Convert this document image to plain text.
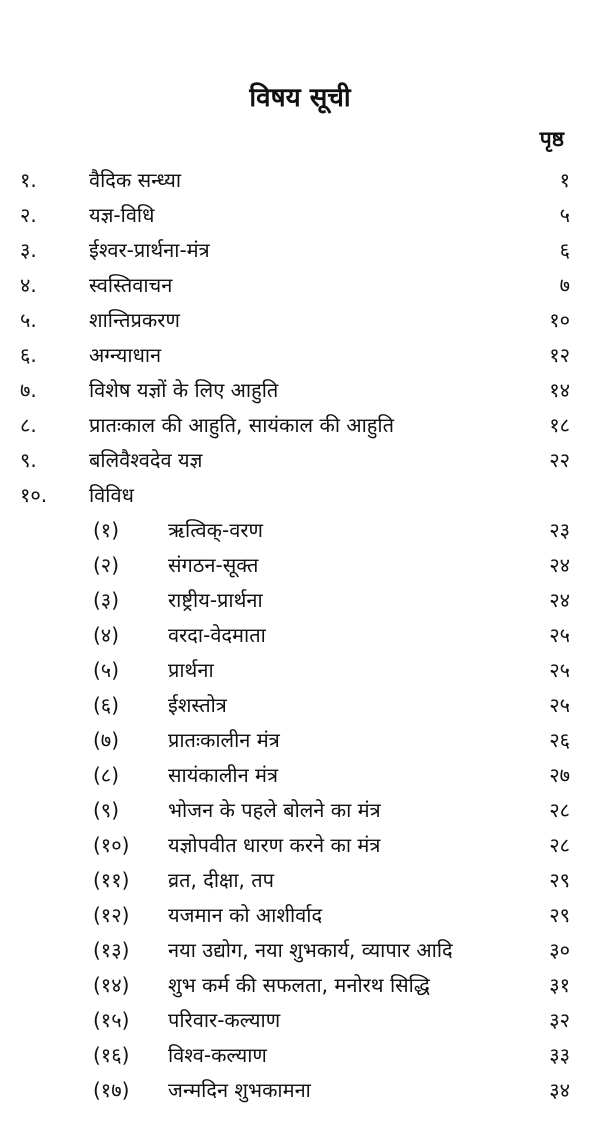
विषय सूची
पृष्ठ
१.	वैदिक सन्ध्या	१
२.	यज्ञ-विधि	५
३.	ईश्वर-प्रार्थना-मंत्र	६
४.	स्वस्तिवाचन	७
५.	शान्तिप्रकरण	१०
६.	अग्न्याधान	१२
७.	विशेष यज्ञों के लिए आहुति	१४
८.	प्रातःकाल की आहुति, सायंकाल की आहुति	१८
९.	बलिवैश्वदेव यज्ञ	२२
१०. विविध
(१) ऋत्विक्-वरण	२३
(२) संगठन-सूक्त	२४
(३) राष्ट्रीय-प्रार्थना	२४
(४) वरदा-वेदमाता	२५
(५) प्रार्थना	२५
(६) ईशस्तोत्र	२५
(७) प्रातःकालीन मंत्र	२६
(८) सायंकालीन मंत्र	२७
(९) भोजन के पहले बोलने का मंत्र	२८
(१०) यज्ञोपवीत धारण करने का मंत्र	२८
(११) व्रत, दीक्षा, तप	२९
(१२) यजमान को आशीर्वाद	२९
(१३) नया उद्योग, नया शुभकार्य, व्यापार आदि	३०
(१४) शुभ कर्म की सफलता, मनोरथ सिद्धि	३१
(१५) परिवार-कल्याण	३२
(१६) विश्व-कल्याण	३३
(१७) जन्मदिन शुभकामना	३४
